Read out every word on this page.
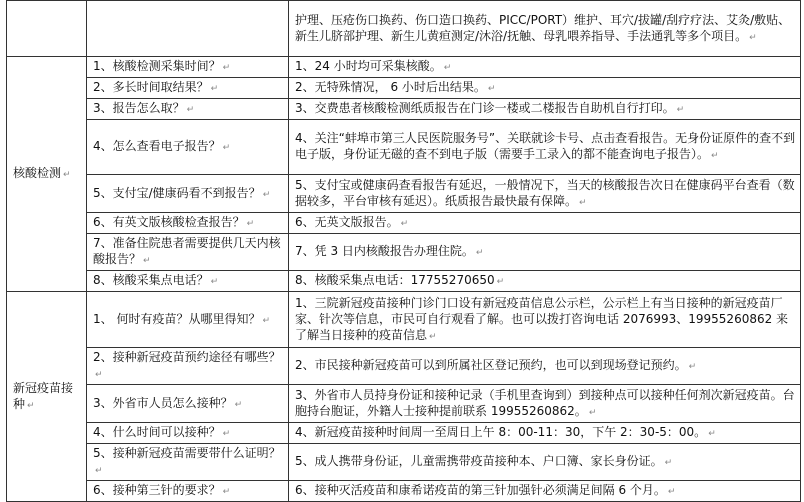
		护理、压疮伤口换药、伤口造口换药、PICC/PORT）维护、耳穴/拔罐/刮疗疗法、艾灸/敷贴、新生儿脐部护理、新生儿黄疸测定/沐浴/抚触、母乳喂养指导、手法通乳等多个项目。 ↵
核酸检测 ↵	1、核酸检测采集时间？ ↵	1、24 小时均可采集核酸。 ↵
	2、多长时间取结果？ ↵	2、无特殊情况， 6 小时后出结果。 ↵
	3、报告怎么取？ ↵	3、交费患者核酸检测纸质报告在门诊一楼或二楼报告自助机自行打印。 ↵
	4、怎么查看电子报告？ ↵	4、关注“蚌埠市第三人民医院服务号”、关联就诊卡号、点击查看报告。无身份证原件的查不到电子版，身份证无磁的查不到电子版（需要手工录入的都不能查询电子报告）。 ↵
	5、支付宝/健康码看不到报告？ ↵	5、支付宝或健康码查看报告有延迟，一般情况下，当天的核酸报告次日在健康码平台查看（数据较多，平台审核有延迟）。纸质报告最快最有保障。 ↵
	6、有英文版核酸检查报告？ ↵	6、无英文版报告。 ↵
	7、准备住院患者需要提供几天内核酸报告？ ↵	7、凭 3 日内核酸报告办理住院。 ↵
	8、核酸采集点电话？ ↵	8、核酸采集点电话：17755270650 ↵
新冠疫苗接种 ↵	1、 何时有疫苗？从哪里得知？ ↵	1、三院新冠疫苗接种门诊门口设有新冠疫苗信息公示栏，公示栏上有当日接种的新冠疫苗厂家、针次等信息，市民可自行观看了解。也可以拨打咨询电话 2076993、19955260862 来了解当日接种的疫苗信息 ↵
	2、接种新冠疫苗预约途径有哪些？↵	2、市民接种新冠疫苗可以到所属社区登记预约，也可以到现场登记预约。 ↵
	3、外省市人员怎么接种？ ↵	3、外省市人员持身份证和接种记录（手机里查询到）到接种点可以接种任何剂次新冠疫苗。台胞持台胞证，外籍人士接种提前联系 19955260862。 ↵
	4、什么时间可以接种？ ↵	4、新冠疫苗接种时间周一至周日上午 8：00-11：30，下午 2：30-5：00。 ↵
	5、接种新冠疫苗需要带什么证明？↵	5、成人携带身份证，儿童需携带疫苗接种本、户口簿、家长身份证。 ↵
	6、接种第三针的要求？ ↵	6、接种灭活疫苗和康希诺疫苗的第三针加强针必须满足间隔 6 个月。 ↵
